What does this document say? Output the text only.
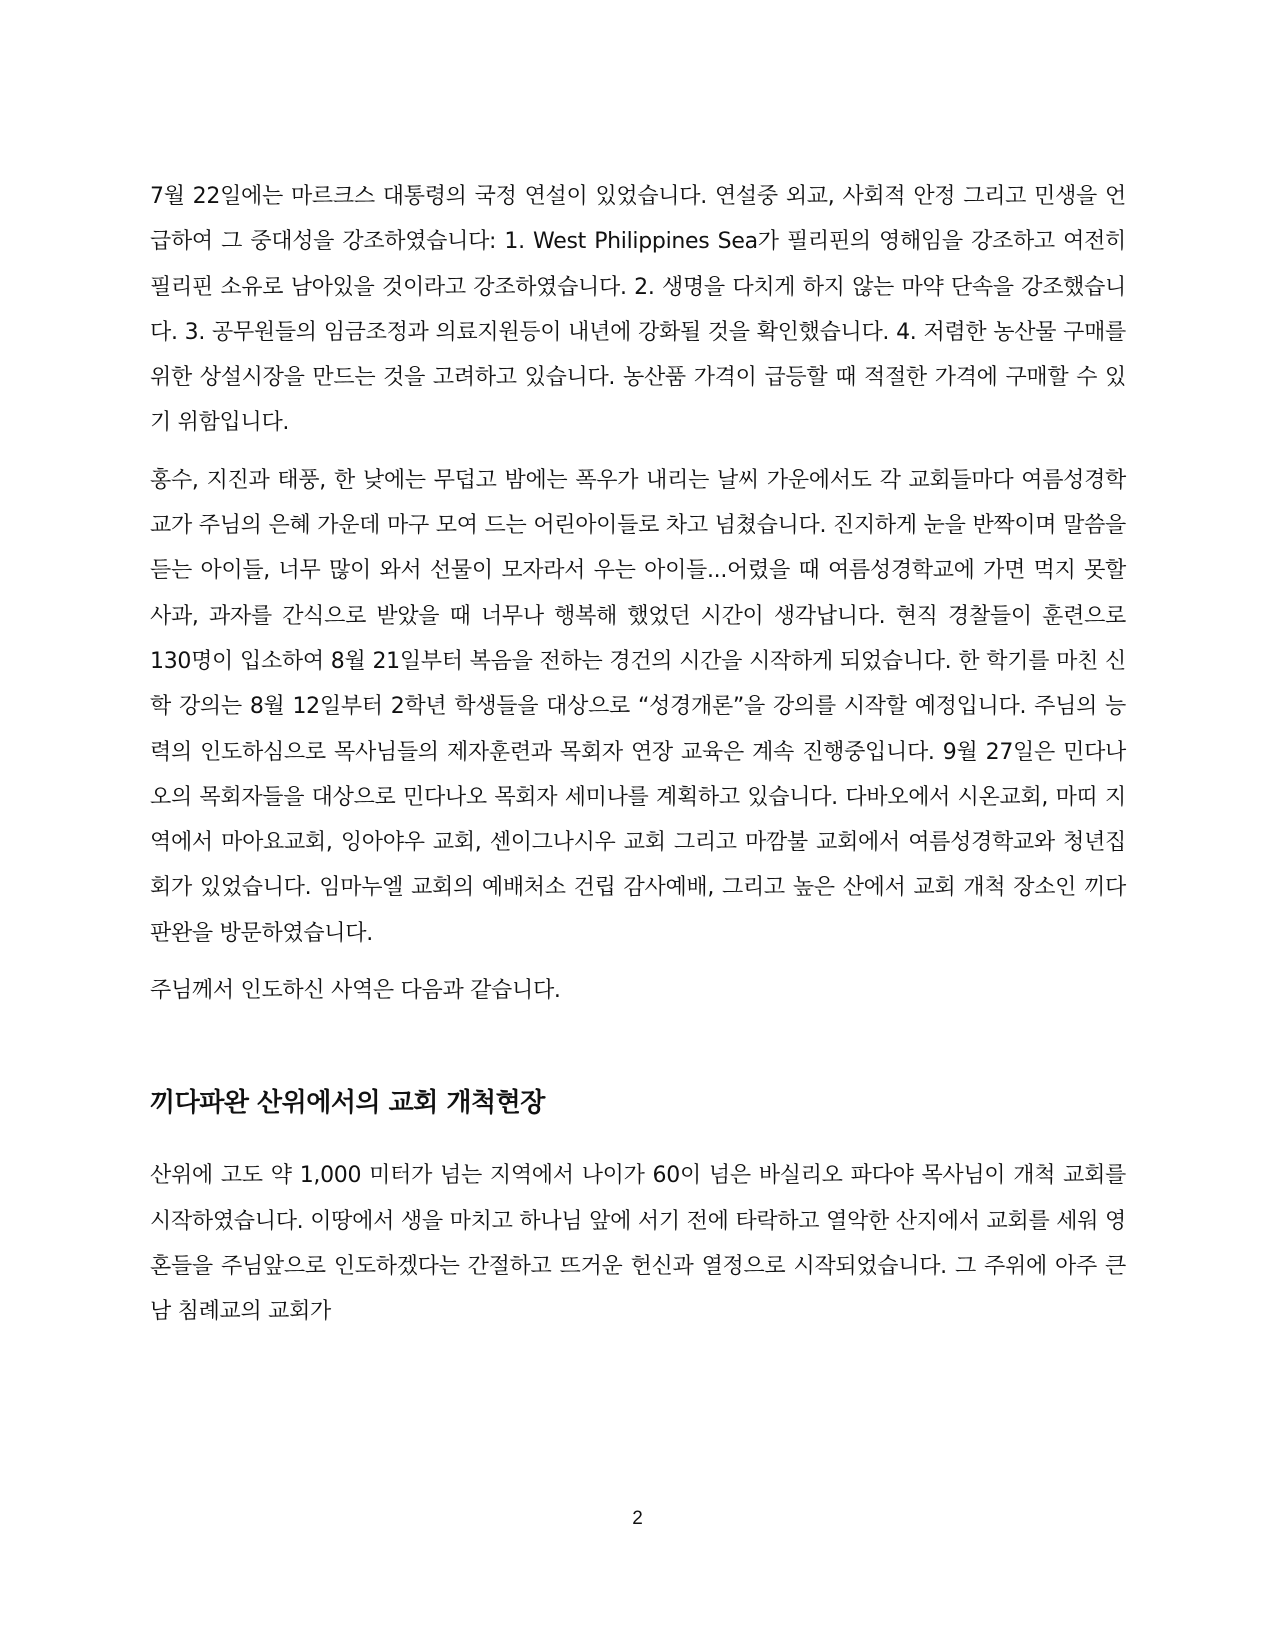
7월 22일에는 마르크스 대통령의 국정 연설이 있었습니다. 연설중 외교, 사회적 안정 그리고 민생을 언급하여 그 중대성을 강조하였습니다: 1. West Philippines Sea가 필리핀의 영해임을 강조하고 여전히 필리핀 소유로 남아있을 것이라고 강조하였습니다. 2. 생명을 다치게 하지 않는 마약 단속을 강조했습니다. 3. 공무원들의 임금조정과 의료지원등이 내년에 강화될 것을 확인했습니다. 4. 저렴한 농산물 구매를 위한 상설시장을 만드는 것을 고려하고 있습니다. 농산품 가격이 급등할 때 적절한 가격에 구매할 수 있기 위함입니다.

홍수, 지진과 태풍, 한 낮에는 무덥고 밤에는 폭우가 내리는 날씨 가운에서도 각 교회들마다 여름성경학교가 주님의 은혜 가운데 마구 모여 드는 어린아이들로 차고 넘쳤습니다. 진지하게 눈을 반짝이며 말씀을 듣는 아이들, 너무 많이 와서 선물이 모자라서 우는 아이들...어렸을 때 여름성경학교에 가면 먹지 못할 사과, 과자를 간식으로 받았을 때 너무나 행복해 했었던 시간이 생각납니다. 현직 경찰들이 훈련으로 130명이 입소하여 8월 21일부터 복음을 전하는 경건의 시간을 시작하게 되었습니다. 한 학기를 마친 신학 강의는 8월 12일부터 2학년 학생들을 대상으로 “성경개론”을 강의를 시작할 예정입니다. 주님의 능력의 인도하심으로 목사님들의 제자훈련과 목회자 연장 교육은 계속 진행중입니다. 9월 27일은 민다나오의 목회자들을 대상으로 민다나오 목회자 세미나를 계획하고 있습니다. 다바오에서 시온교회, 마띠 지역에서 마아요교회, 잉아야우 교회, 센이그나시우 교회 그리고 마깜불 교회에서 여름성경학교와 청년집회가 있었습니다. 임마누엘 교회의 예배처소 건립 감사예배, 그리고 높은 산에서 교회 개척 장소인 끼다판완을 방문하였습니다.

주님께서 인도하신 사역은 다음과 같습니다.

끼다파완 산위에서의 교회 개척현장

산위에 고도 약 1,000 미터가 넘는 지역에서 나이가 60이 넘은 바실리오 파다야 목사님이 개척 교회를 시작하였습니다. 이땅에서 생을 마치고 하나님 앞에 서기 전에 타락하고 열악한 산지에서 교회를 세워 영혼들을 주님앞으로 인도하겠다는 간절하고 뜨거운 헌신과 열정으로 시작되었습니다. 그 주위에 아주 큰 남 침례교의 교회가

2
